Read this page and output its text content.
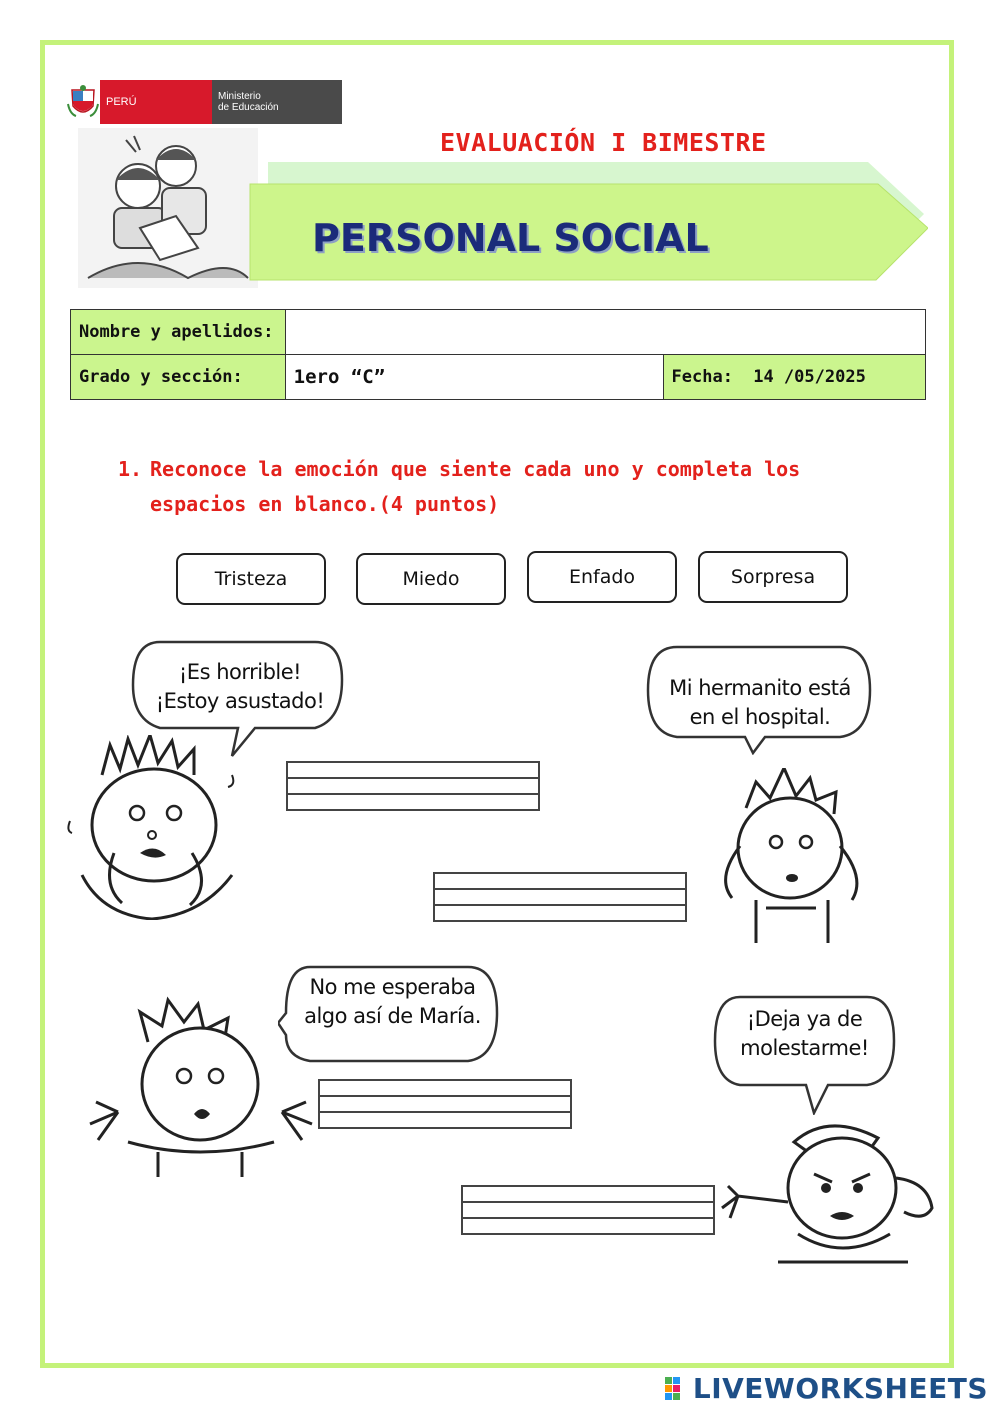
PERÚ	Ministerio
de Educación
EVALUACIÓN I BIMESTRE
PERSONAL SOCIAL
Nombre y apellidos:		
Grado y sección:	1ero “C”	Fecha: 14 /05/2025
1. Reconoce la emoción que siente cada uno y completa los espacios en blanco.(4 puntos)
Tristeza	Miedo	Enfado	Sorpresa
¡Es horrible!
¡Estoy asustado!
Mi hermanito está
en el hospital.
No me esperaba
algo así de María.	¡Deja ya de
molestarme!
LIVEWORKSHEETS
